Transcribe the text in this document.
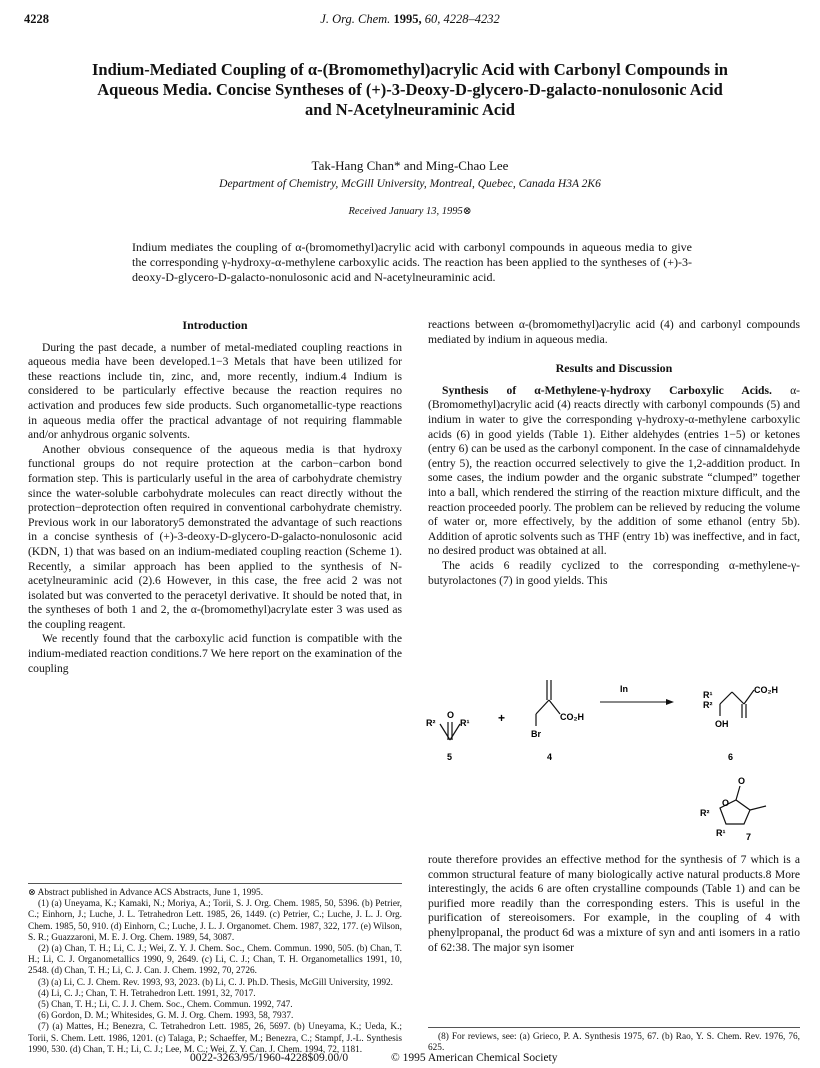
4228	J. Org. Chem. 1995, 60, 4228–4232
Indium-Mediated Coupling of α-(Bromomethyl)acrylic Acid with Carbonyl Compounds in Aqueous Media. Concise Syntheses of (+)-3-Deoxy-D-glycero-D-galacto-nonulosonic Acid and N-Acetylneuraminic Acid
Tak-Hang Chan* and Ming-Chao Lee
Department of Chemistry, McGill University, Montreal, Quebec, Canada H3A 2K6
Received January 13, 1995⊗
Indium mediates the coupling of α-(bromomethyl)acrylic acid with carbonyl compounds in aqueous media to give the corresponding γ-hydroxy-α-methylene carboxylic acids. The reaction has been applied to the syntheses of (+)-3-deoxy-D-glycero-D-galacto-nonulosonic acid and N-acetylneuraminic acid.
Introduction

During the past decade, a number of metal-mediated coupling reactions in aqueous media have been developed.1−3 Metals that have been utilized for these reactions include tin, zinc, and, more recently, indium.4 Indium is considered to be particularly effective because the reaction requires no activation and produces few side products. Such organometallic-type reactions in aqueous media offer the practical advantage of not requiring flammable and/or anhydrous organic solvents.

Another obvious consequence of the aqueous media is that hydroxy functional groups do not require protection at the carbon−carbon bond formation step. This is particularly useful in the area of carbohydrate chemistry since the water-soluble carbohydrate molecules can react directly without the protection−deprotection often required in conventional carbohydrate chemistry. Previous work in our laboratory5 demonstrated the advantage of such reactions in a concise synthesis of (+)-3-deoxy-D-glycero-D-galacto-nonulosonic acid (KDN, 1) that was based on an indium-mediated coupling reaction (Scheme 1). Recently, a similar approach has been applied to the synthesis of N-acetylneuraminic acid (2).6 However, in this case, the free acid 2 was not isolated but was converted to the peracetyl derivative. It should be noted that, in the syntheses of both 1 and 2, the α-(bromomethyl)acrylate ester 3 was used as the coupling reagent.

We recently found that the carboxylic acid function is compatible with the indium-mediated reaction conditions.7 We here report on the examination of the coupling

reactions between α-(bromomethyl)acrylic acid (4) and carbonyl compounds mediated by indium in aqueous media.

Results and Discussion

Synthesis of α-Methylene-γ-hydroxy Carboxylic Acids. α-(Bromomethyl)acrylic acid (4) reacts directly with carbonyl compounds (5) and indium in water to give the corresponding γ-hydroxy-α-methylene carboxylic acids (6) in good yields (Table 1). Either aldehydes (entries 1−5) or ketones (entry 6) can be used as the carbonyl component. In the case of cinnamaldehyde (entry 5), the reaction occurred selectively to give the 1,2-addition product. In some cases, the indium powder and the organic substrate “clumped” together into a ball, which rendered the stirring of the reaction mixture difficult, and the reaction proceeded poorly. The problem can be relieved by reducing the volume of water or, more effectively, by the addition of some ethanol (entry 5b). Addition of aprotic solvents such as THF (entry 1b) was ineffective, and in fact, no desired product was obtained at all.

The acids 6 readily cyclized to the corresponding α-methylene-γ-butyrolactones (7) in good yields. This

O
R²	R¹
5
+	CO₂H
Br
4
In
R¹
R²
CO₂H
OH
6
O
O
R²
R¹ 7

route therefore provides an effective method for the synthesis of 7 which is a common structural feature of many biologically active natural products.8 More interestingly, the acids 6 are often crystalline compounds (Table 1) and can be purified more readily than the corresponding esters. This is useful in the purification of stereoisomers. For example, in the coupling of 4 with phenylpropanal, the product 6d was a mixture of syn and anti isomers in a ratio of 62:38. The major syn isomer

⊗ Abstract published in Advance ACS Abstracts, June 1, 1995.
(1) (a) Uneyama, K.; Kamaki, N.; Moriya, A.; Torii, S. J. Org. Chem. 1985, 50, 5396. (b) Petrier, C.; Einhorn, J.; Luche, J. L. Tetrahedron Lett. 1985, 26, 1449. (c) Petrier, C.; Luche, J. L. J. Org. Chem. 1985, 50, 910. (d) Einhorn, C.; Luche, J. L. J. Organomet. Chem. 1987, 322, 177. (e) Wilson, S. R.; Guazzaroni, M. E. J. Org. Chem. 1989, 54, 3087.
(2) (a) Chan, T. H.; Li, C. J.; Wei, Z. Y. J. Chem. Soc., Chem. Commun. 1990, 505. (b) Chan, T. H.; Li, C. J. Organometallics 1990, 9, 2649. (c) Li, C. J.; Chan, T. H. Organometallics 1991, 10, 2548. (d) Chan, T. H.; Li, C. J. Can. J. Chem. 1992, 70, 2726.
(3) (a) Li, C. J. Chem. Rev. 1993, 93, 2023. (b) Li, C. J. Ph.D. Thesis, McGill University, 1992.
(4) Li, C. J.; Chan, T. H. Tetrahedron Lett. 1991, 32, 7017.
(5) Chan, T. H.; Li, C. J. J. Chem. Soc., Chem. Commun. 1992, 747.
(6) Gordon, D. M.; Whitesides, G. M. J. Org. Chem. 1993, 58, 7937.
(7) (a) Mattes, H.; Benezra, C. Tetrahedron Lett. 1985, 26, 5697. (b) Uneyama, K.; Ueda, K.; Torii, S. Chem. Lett. 1986, 1201. (c) Talaga, P.; Schaeffer, M.; Benezra, C.; Stampf, J.-L. Synthesis 1990, 530. (d) Chan, T. H.; Li, C. J.; Lee, M. C.; Wei, Z. Y. Can. J. Chem. 1994, 72, 1181.
(8) For reviews, see: (a) Grieco, P. A. Synthesis 1975, 67. (b) Rao, Y. S. Chem. Rev. 1976, 76, 625.
0022-3263/95/1960-4228$09.00/0	© 1995 American Chemical Society
